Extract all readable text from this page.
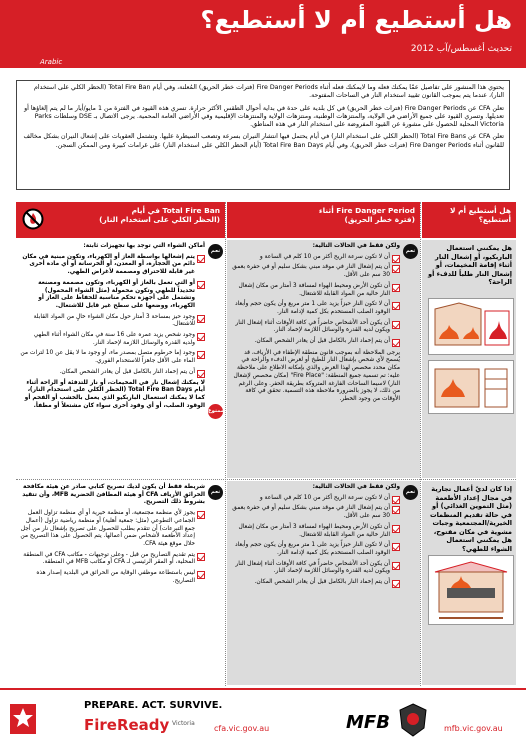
هل أستطيع أم لا أستطيع؟
تحديث أغسطس/آب 2012
Arabic

يحتوي هذا المنشور على تفاصيل عمّا يمكنك فعله وما لايمكنك فعله أثناء Fire Danger Periods (فترات خطر الحريق) المُعلنة، وفي أيام Total Fire Ban (الحظر الكلي على استخدام النار)، عندما يتم بموجب القانون تقييد استخدام النار في الساحات المفتوحة.

تعلن CFA عن Fire Danger Periods (فترات خطر الحريق) في كل بلدية على حدة في بداية أحوال الطقس الأكثر حرارة. تسري هذه القيود في الفترة من 1 مايو/أيار ما لم يتم إلغاؤها أو تعديلها. وتسري القيود على جميع الأراضي في الولاية، والمنتزهات الوطنية، ومنتزهات الولاية والمنتزهات الإقليمية وفي الأراضي العامة المحمية. يرجى الاتصال بـ DSE وسلطات Parks Victoria المحلية للحصول على مشورة عن القيود المفروضة على استخدام النار في هذه المناطق.

تعلن CFA عن Total Fire Bans (الحظر الكلي على استخدام النار) في أيام يحتمل فيها انتشار النيران بسرعة وتصعب السيطرة عليها. وتشتمل العقوبات على إشعال النيران بشكل مخالف للقانون أثناء Fire Danger Periods (فترات خطر الحريق)، وفي أيام Total Fire Ban Days (أيام الحظر الكلي على استخدام النار) على غرامات كبيرة ومن الممكن السجن.

هل أستطيع أم لا أستطيع؟
Fire Danger Period أثناء
(فترة خطر الحريق)
Total Fire Ban في أيام
(الحظر الكلي على استخدام النار)
هل يمكنني استعمال الباربكيو، أو إشعال النار أثناء إقامة المخيمات، أو إشعال النار طلباً للدفء أو الراحة؟
ولكن فقط في الحالات التالية:
أن لا تكون سرعة الريح أكثر من 10 كلم في الساعة و
أن يتم إشعال النار في موقد مبني بشكل سليم أو في حفرة بعمق 30 سم على الأقل.
أن تكون الأرض ومحيط الهواء لمسافة 3 أمتار من مكان إشعال النار خالية من المواد القابلة للاشتعال.
أن لا تكون النار حيزاً يزيد على 1 متر مربع وأن يكون حجم وأبعاد الوقود الصلب المستخدم بكل كمية لإدامة النار.
أن يكون أحد الأشخاص حاضراً في كافة الأوقات أثناء إشعال النار ويكون لديه القدرة والوسائل اللازمة لإخماد النار.
أن يتم إخماد النار بالكامل قبل أن يغادر الشخص المكان.
يرجى الملاحظة أنه بموجب قانون منطقة الإطفاء في الأرياف، قد يُسمح لأي شخص بإشعال النار للطبخ أو لغرض الدفء والراحة في مكان محدد مخصص لهذا الغرض والذي بإمكانه الاطلاع على ملاحظة عليه: تم تسمية جميع المنطقة: "Fire Place" (مكان مخصص لإشعال النار) لاسيما الساحات الفارغة المتروكة بطريقة الحفر. وعلى الرغم من ذلك، لا يجوز بالضرورة ملاحظة هذه التسمية. تحقق في كافة الأوقات من وجود الخطر.
نعم
أماكن الشواء التي توجد بها تجهيزات ثابتة:
يتم إشعالها بواسطة الغاز أو الكهرباء، وتكون مبنية في مكان دائم من الحجارة، أو المعدن، أو الخرسانة أو أي مادة أخرى غير قابلة للاحتراق ومصممة لأغراض الطهي.
أو التي تعمل بالغاز أو الكهرباء، وتكون مصممة ومصنعة تحديداً للطهي وتكون محمولة (مثل الشواء المحمول) وتشتمل على أجهزة تحكم مناسبة للحفاظ على الغاز أو الكهرباء، ووضعها على سطح غير قابل للاشتعال.
وجود حيز بمساحة 3 أمتار حول مكان الشواء خالٍ من المواد القابلة للاشتعال.
وجود شخص يزيد عمره على 16 سنة في مكان الشواء أثناء الطهي ولديه القدرة والوسائل اللازمة لإخماد النار.
وجود إما خرطوم متصل بمصدر ماء، أو وجود ما لا يقل عن 10 لترات من الماء على الأقل جاهزاً للاستخدام الفوري.
أن يتم إخماد النار بالكامل قبل أن يغادر الشخص المكان.
لا يمكنك إشعال نار في المخيمات، أو نار للتدفئة أو الراحة أثناء أيام Total Fire Ban Days (الحظر الكلي على استخدام النار)، كما لا يمكنك استعمال الباربكيو الذي يعمل بالخشب أو الفحم أو الوقود الصلب، أو أي وقود أخرى سواء كان مشتعلاً أو مطفأ.
نعم
ممنوع
إذا كان لديّ أعمال تجارية في مجال إعداد الأطعمة (مثل التموين الغذائي) أو في حالة تقديم المنظمات الخيرية/المجتمعية وجبات مشوية في مكان مفتوح، هل يمكنني استعمال الشواء للطهي؟
ولكن فقط في الحالات التالية:
أن لا تكون سرعة الريح أكثر من 10 كلم في الساعة و
أن يتم إشعال النار في موقد مبني بشكل سليم أو في حفرة بعمق 30 سم على الأقل.
أن تكون الأرض ومحيط الهواء لمسافة 3 أمتار من مكان إشعال النار خالية من المواد القابلة للاشتعال.
أن لا تكون النار حيزاً يزيد على 1 متر مربع وأن يكون حجم وأبعاد الوقود الصلب المستخدم بكل كمية لإدامة النار.
أن يكون أحد الأشخاص حاضراً في كافة الأوقات أثناء إشعال النار ويكون لديه القدرة والوسائل اللازمة لإخماد النار.
أن يتم إخماد النار بالكامل قبل أن يغادر الشخص المكان.
نعم
شريطة فقط أن يكون لديك تصريح كتابي صادر عن هيئة مكافحة الحرائق الأرياف CFA أو هيئة المطافئ الحضرية MFB، وأن تتقيد بشروط ذلك التصريح.
يجوز لأي منظمة مجتمعية، أو منظمة خيرية أو أي منظمة تزاول العمل الجماعي التطوعي (مثل: جمعية أهلية) أو منظمة رياضية تزاول (أعمال جمع التبرعات) أن تتقدم بطلب للحصول على تصريح بإشعال نار من أجل إعداد الأطعمة لأشخاص ضمن أعمالها. يتم الحصول على هذا التصريح من خلال موقع هيئة CFA.
يتم تقديم التصاريح من قبل - وعلى توجيهات - مكاتب CFA في المنطقة المحلية، أو المقر الرئيسي لـ CFA أو مكاتب MFB في المنطقة.
ليس باستطاعة موظفي الوقاية من الحرائق في البلدية إصدار هذه التصاريح.
نعم
PREPARE. ACT. SURVIVE.
FireReady Victoria
cfa.vic.gov.au	MFB	mfb.vic.gov.au
